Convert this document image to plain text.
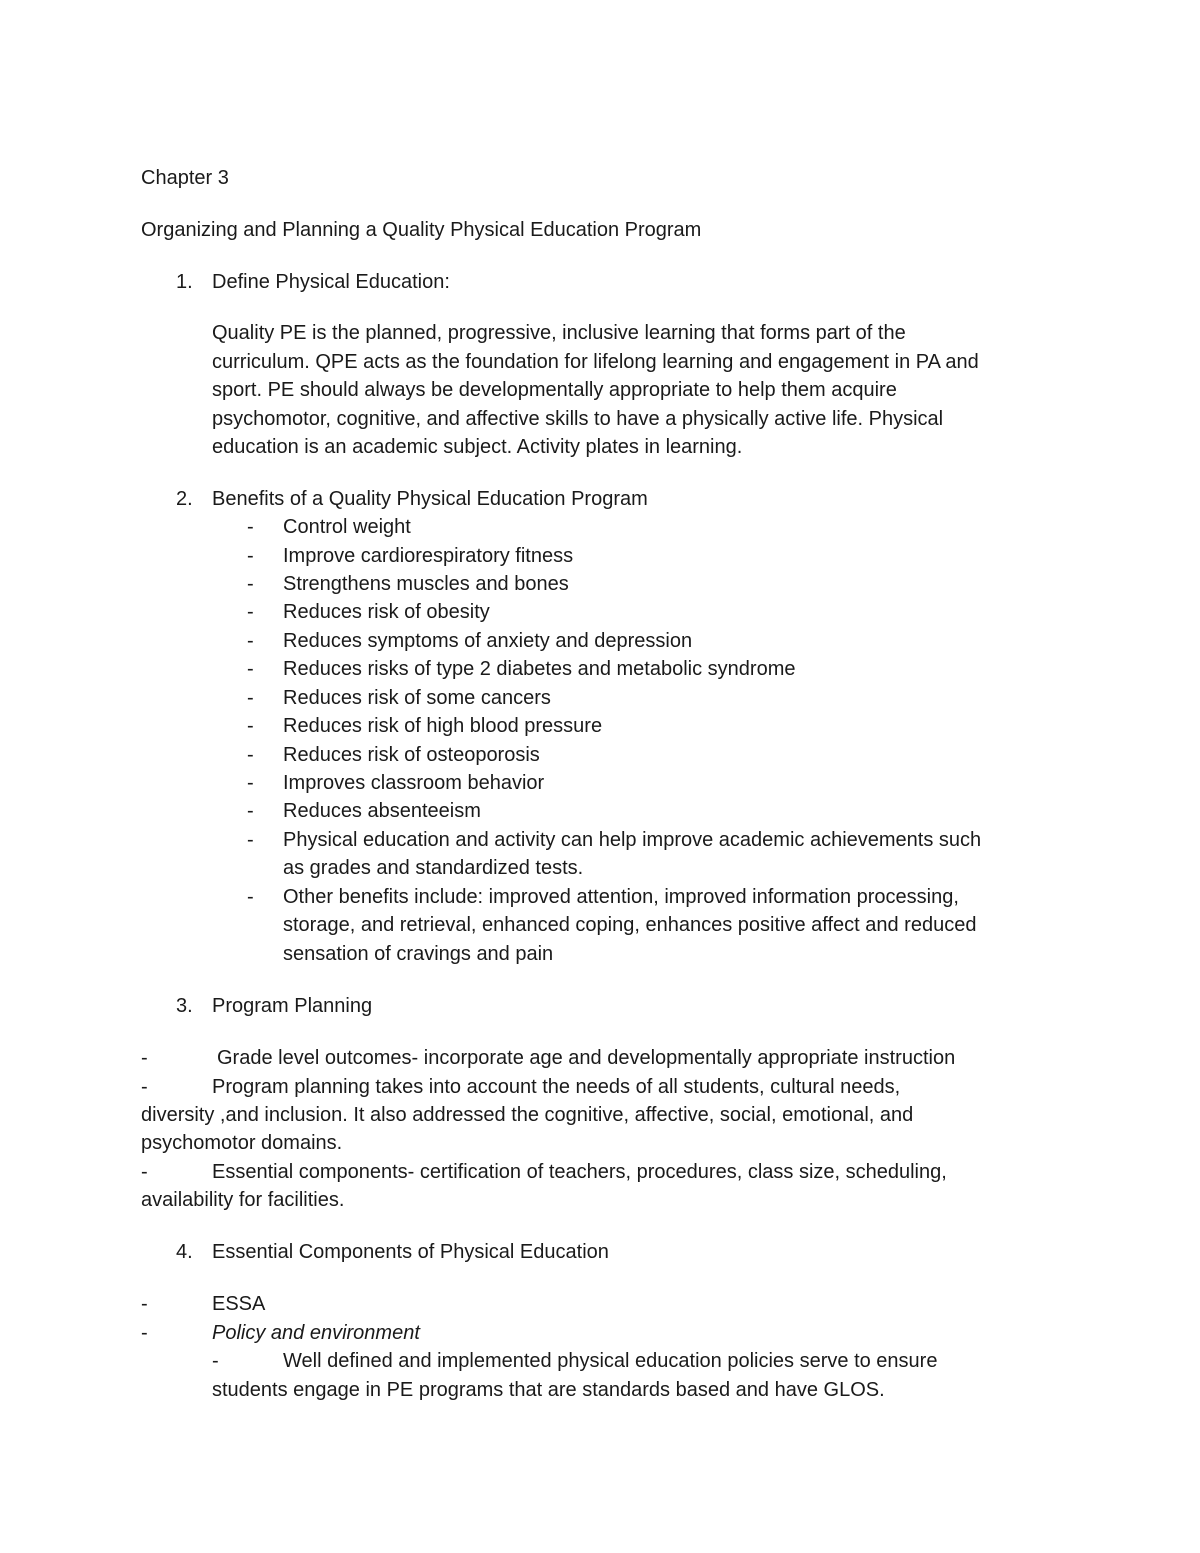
Chapter 3

Organizing and Planning a Quality Physical Education Program

1. Define Physical Education:

Quality PE is the planned, progressive, inclusive learning that forms part of the

curriculum. QPE acts as the foundation for lifelong learning and engagement in PA and

sport. PE should always be developmentally appropriate to help them acquire

psychomotor, cognitive, and affective skills to have a physically active life. Physical

education is an academic subject. Activity plates in learning.

2. Benefits of a Quality Physical Education Program

- Control weight

- Improve cardiorespiratory fitness

- Strengthens muscles and bones

- Reduces risk of obesity

- Reduces symptoms of anxiety and depression

- Reduces risks of type 2 diabetes and metabolic syndrome

- Reduces risk of some cancers

- Reduces risk of high blood pressure

- Reduces risk of osteoporosis

- Improves classroom behavior

- Reduces absenteeism

- Physical education and activity can help improve academic achievements such

as grades and standardized tests.

- Other benefits include: improved attention, improved information processing,

storage, and retrieval, enhanced coping, enhances positive affect and reduced

sensation of cravings and pain

3. Program Planning

-	Grade level outcomes- incorporate age and developmentally appropriate instruction

-	Program planning takes into account the needs of all students, cultural needs,

diversity ,and inclusion. It also addressed the cognitive, affective, social, emotional, and

psychomotor domains.

-	Essential components- certification of teachers, procedures, class size, scheduling,

availability for facilities.

4. Essential Components of Physical Education

-	ESSA

-	Policy and environment

-	Well defined and implemented physical education policies serve to ensure

students engage in PE programs that are standards based and have GLOS.
